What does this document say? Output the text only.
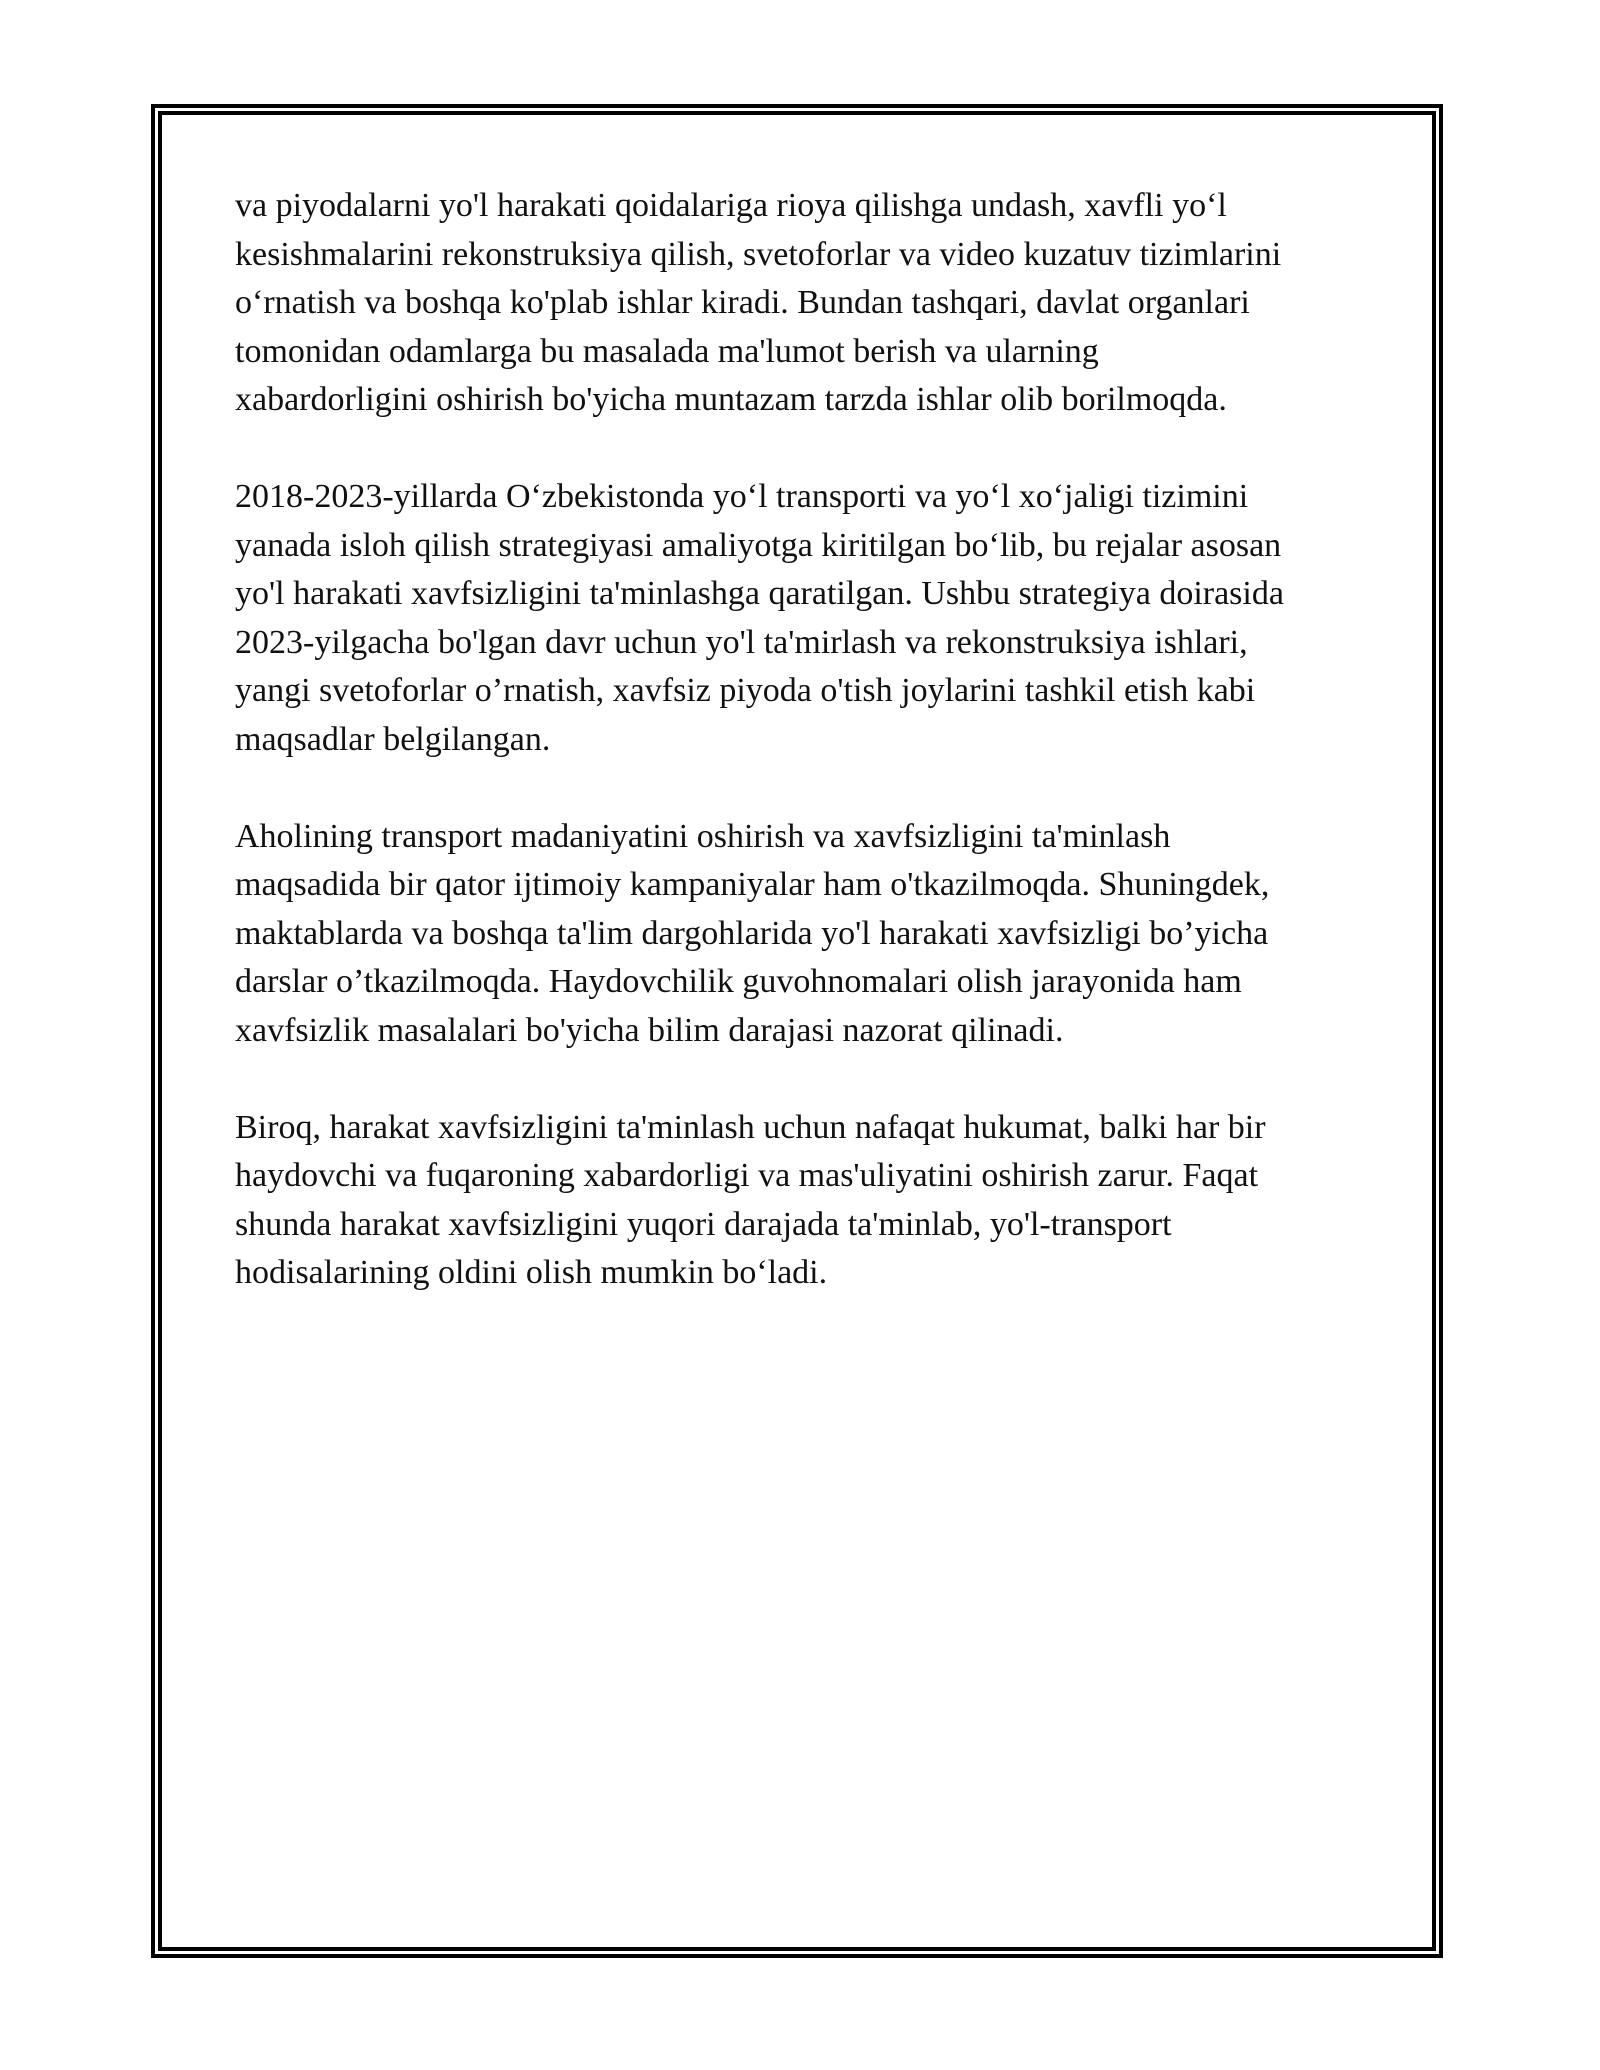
va piyodalarni yo'l harakati qoidalariga rioya qilishga undash, xavfli yo‘l
kesishmalarini rekonstruksiya qilish, svetoforlar va video kuzatuv tizimlarini
o‘rnatish va boshqa ko'plab ishlar kiradi. Bundan tashqari, davlat organlari
tomonidan odamlarga bu masalada ma'lumot berish va ularning
xabardorligini oshirish bo'yicha muntazam tarzda ishlar olib borilmoqda.

2018-2023-yillarda O‘zbekistonda yo‘l transporti va yo‘l xo‘jaligi tizimini
yanada isloh qilish strategiyasi amaliyotga kiritilgan bo‘lib, bu rejalar asosan
yo'l harakati xavfsizligini ta'minlashga qaratilgan. Ushbu strategiya doirasida
2023-yilgacha bo'lgan davr uchun yo'l ta'mirlash va rekonstruksiya ishlari,
yangi svetoforlar o’rnatish, xavfsiz piyoda o'tish joylarini tashkil etish kabi
maqsadlar belgilangan.

Aholining transport madaniyatini oshirish va xavfsizligini ta'minlash
maqsadida bir qator ijtimoiy kampaniyalar ham o'tkazilmoqda. Shuningdek,
maktablarda va boshqa ta'lim dargohlarida yo'l harakati xavfsizligi bo’yicha
darslar o’tkazilmoqda. Haydovchilik guvohnomalari olish jarayonida ham
xavfsizlik masalalari bo'yicha bilim darajasi nazorat qilinadi.

Biroq, harakat xavfsizligini ta'minlash uchun nafaqat hukumat, balki har bir
haydovchi va fuqaroning xabardorligi va mas'uliyatini oshirish zarur. Faqat
shunda harakat xavfsizligini yuqori darajada ta'minlab, yo'l-transport
hodisalarining oldini olish mumkin bo‘ladi.
